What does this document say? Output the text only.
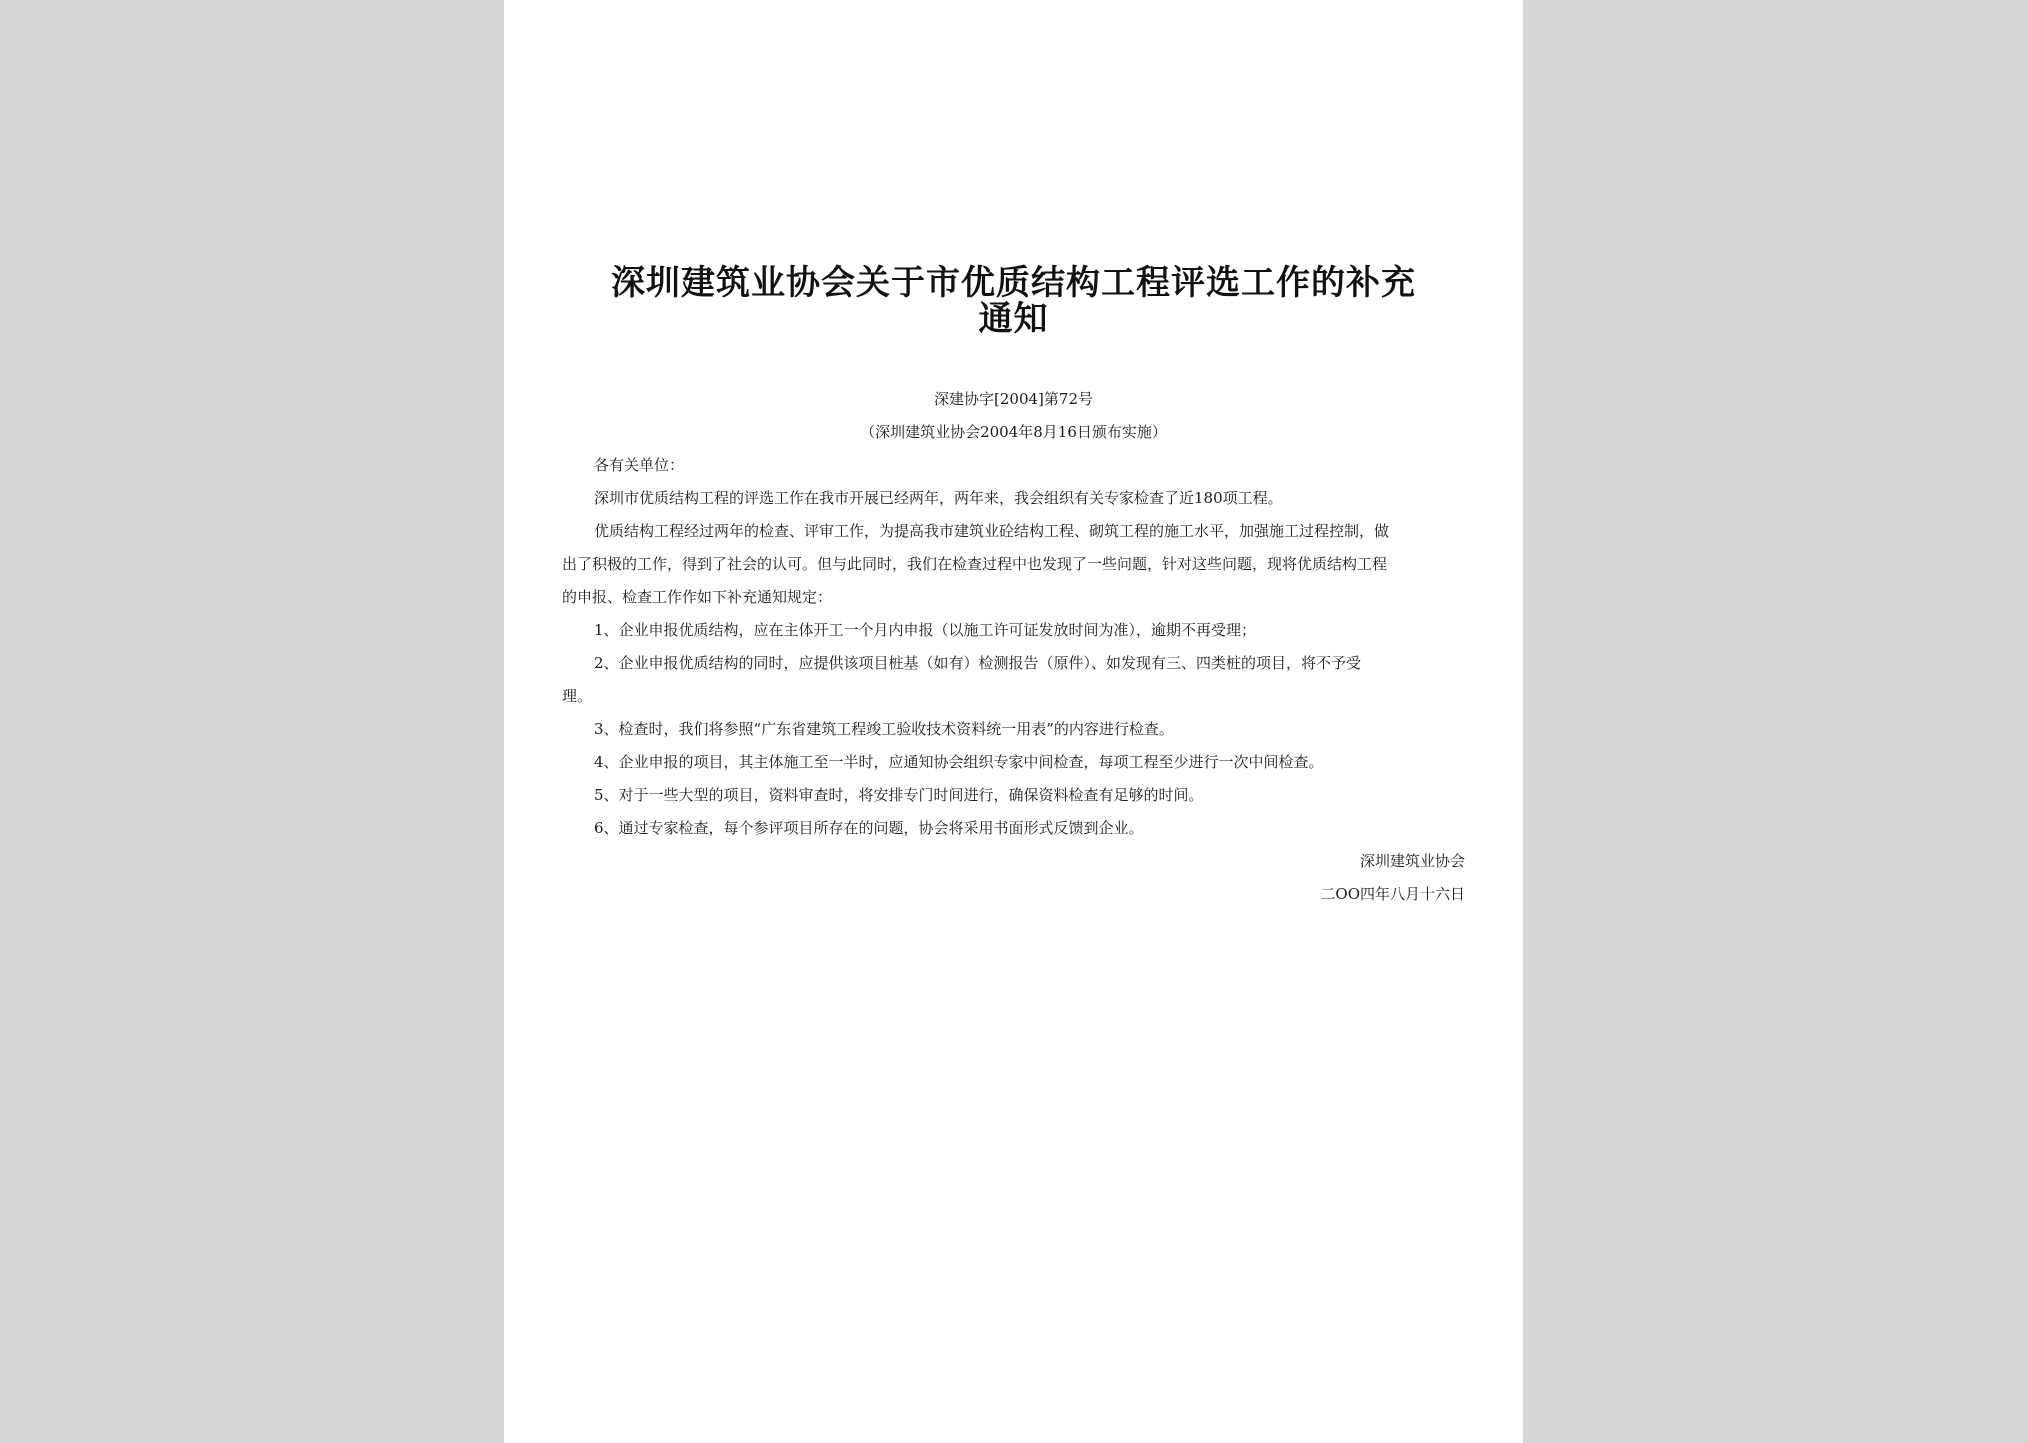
深圳建筑业协会关于市优质结构工程评选工作的补充
通知
深建协字[2004]第72号
（深圳建筑业协会2004年8月16日颁布实施）
各有关单位：
深圳市优质结构工程的评选工作在我市开展已经两年，两年来，我会组织有关专家检查了近180项工程。
优质结构工程经过两年的检查、评审工作，为提高我市建筑业砼结构工程、砌筑工程的施工水平，加强施工过程控制，做
出了积极的工作，得到了社会的认可。但与此同时，我们在检查过程中也发现了一些问题，针对这些问题，现将优质结构工程
的申报、检查工作作如下补充通知规定：
1、企业申报优质结构，应在主体开工一个月内申报（以施工许可证发放时间为准），逾期不再受理；
2、企业申报优质结构的同时，应提供该项目桩基（如有）检测报告（原件）、如发现有三、四类桩的项目，将不予受
理。
3、检查时，我们将参照“广东省建筑工程竣工验收技术资料统一用表”的内容进行检查。
4、企业申报的项目，其主体施工至一半时，应通知协会组织专家中间检查，每项工程至少进行一次中间检查。
5、对于一些大型的项目，资料审查时，将安排专门时间进行，确保资料检查有足够的时间。
6、通过专家检查，每个参评项目所存在的问题，协会将采用书面形式反馈到企业。
深圳建筑业协会
二OO四年八月十六日
